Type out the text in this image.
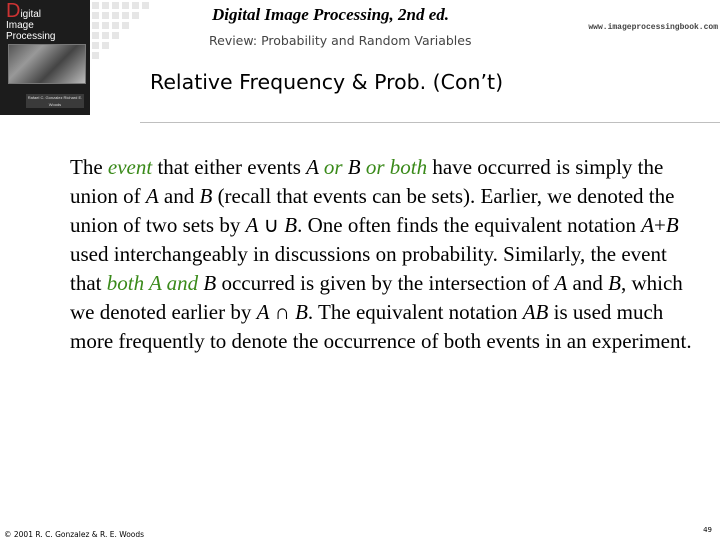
Digital
Image
Processing
Rafael C. Gonzalez Richard E. Woods
Digital Image Processing, 2nd ed.
www.imageprocessingbook.com
Review: Probability and Random Variables
Relative Frequency & Prob. (Con’t)
The event that either events A or B or both have occurred is simply the union of A and B (recall that events can be sets). Earlier, we denoted the union of two sets by A ∪ B. One often finds the equivalent notation A+B used interchangeably in discussions on probability. Similarly, the event that both A and B occurred is given by the intersection of A and B, which we denoted earlier by A ∩ B. The equivalent notation AB is used much more frequently to denote the occurrence of both events in an experiment.
© 2001 R. C. Gonzalez & R. E. Woods	49
